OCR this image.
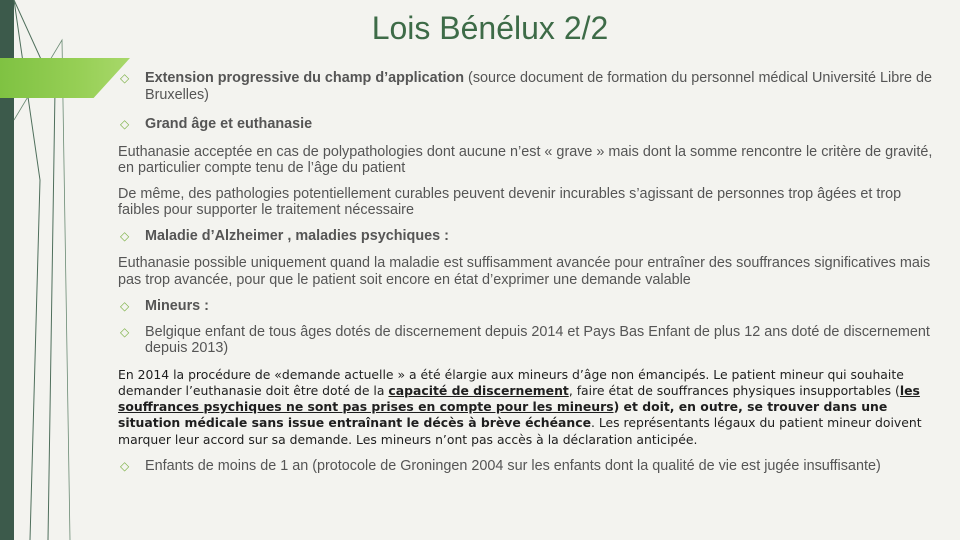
Lois Bénélux 2/2
◇ Extension progressive du champ d’application (source document de formation du personnel médical Université Libre de Bruxelles)
◇ Grand âge et euthanasie

Euthanasie acceptée en cas de polypathologies dont aucune n’est « grave » mais dont la somme rencontre le critère de gravité, en particulier compte tenu de l’âge du patient

De même, des pathologies potentiellement curables peuvent devenir incurables s’agissant de personnes trop âgées et trop faibles pour supporter le traitement nécessaire

◇ Maladie d’Alzheimer , maladies psychiques :

Euthanasie possible uniquement quand la maladie est suffisamment avancée pour entraîner des souffrances significatives mais pas trop avancée, pour que le patient soit encore en état d’exprimer une demande valable

◇ Mineurs :
◇ Belgique enfant de tous âges dotés de discernement depuis 2014 et Pays Bas Enfant de plus 12 ans doté de discernement depuis 2013)

En 2014 la procédure de «demande actuelle » a été élargie aux mineurs d’âge non émancipés. Le patient mineur qui souhaite demander l’euthanasie doit être doté de la capacité de discernement, faire état de souffrances physiques insupportables (les souffrances psychiques ne sont pas prises en compte pour les mineurs) et doit, en outre, se trouver dans une situation médicale sans issue entraînant le décès à brève échéance. Les représentants légaux du patient mineur doivent marquer leur accord sur sa demande. Les mineurs n’ont pas accès à la déclaration anticipée.

◇ Enfants de moins de 1 an (protocole de Groningen 2004 sur les enfants dont la qualité de vie est jugée insuffisante)
